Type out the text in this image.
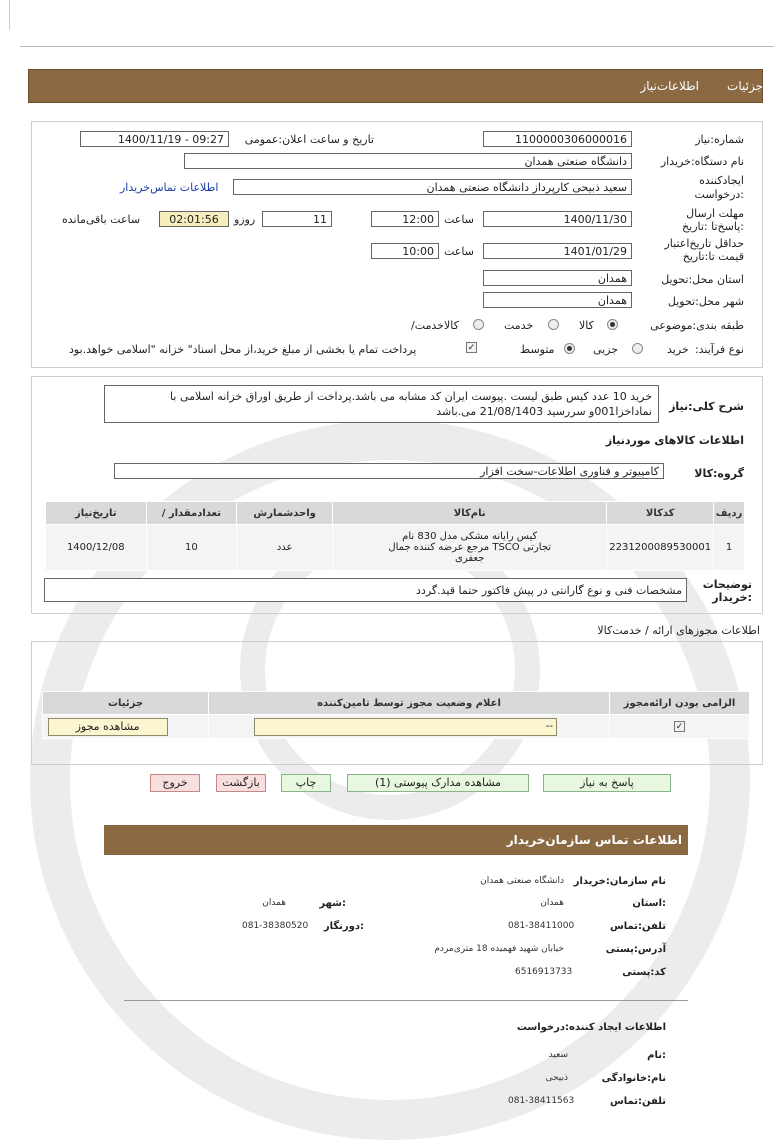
جزئیات
اطلاعات‌نیاز
شماره:نیاز
1100000306000016
تاریخ و ساعت اعلان:عمومی
1400/11/19 - 09:27
نام دستگاه:خریدار
دانشگاه صنعتی همدان
ایجادکننده :درخواست
سعید ذبیحی کارپرداز دانشگاه صنعتی همدان
اطلاعات تماس‌خریدار
مهلت ارسال :پاسخ‌تا :تاریخ
1400/11/30
ساعت
12:00
11
روزو
02:01:56
ساعت باقی‌مانده
حداقل تاریخ‌اعتبار قیمت تا:تاریخ
1401/01/29
ساعت
10:00
استان محل:تحویل
همدان
شهر محل:تحویل
همدان
طبقه بندی:موضوعی
کالا
خدمت
کالاخدمت/
نوع فرآیند:
خرید
جزیی
متوسط
✓
پرداخت تمام یا بخشی از مبلغ خرید،از محل اسناد" خزانه "اسلامی خواهد.بود
شرح کلی:نیاز
خرید 10 عدد کیس طبق لیست .پیوست ایران کد مشابه می باشد.پرداخت از طریق اوراق خزانه اسلامی با نماداخزا001و سررسید 21/08/1403 می.باشد
اطلاعات کالاهای موردنیاز
گروه:کالا
کامپیوتر و فناوری اطلاعات-سخت افزار
ردیف	کدکالا	نام‌کالا	واحدشمارش	تعدادمقدار /	تاریخ‌نیاز
1	2231200089530001	کیس رایانه مشکی مدل 830 نام تجارتی TSCO مرجع عرضه کننده جمال جعفری	عدد	10	1400/12/08
توضیحات :خریدار
مشخصات فنی و نوع گارانتی در پیش فاکتور حتما قید.گردد
اطلاعات مجوزهای ارائه / خدمت‌کالا
الزامی بودن ارائه‌مجوز	اعلام وضعیت مجوز توسط تامین‌کننده	جزئیات
✓	--	مشاهده مجوز
پاسخ به نیاز
مشاهده مدارک پیوستی (1)
چاپ
بازگشت
خروج
اطلاعات تماس سازمان‌خریدار
نام سازمان:خریدار
دانشگاه صنعتی همدان
:استان
همدان
:شهر
همدان
تلفن:تماس
081-38411000
:دورنگار
081-38380520
آدرس:پستی
خیابان شهید فهمیده 18 متری‌مردم
کد:پستی
6516913733
اطلاعات ایجاد کننده:درخواست
:نام
سعید
نام:خانوادگی
ذبیحی
تلفن:تماس
081-38411563
